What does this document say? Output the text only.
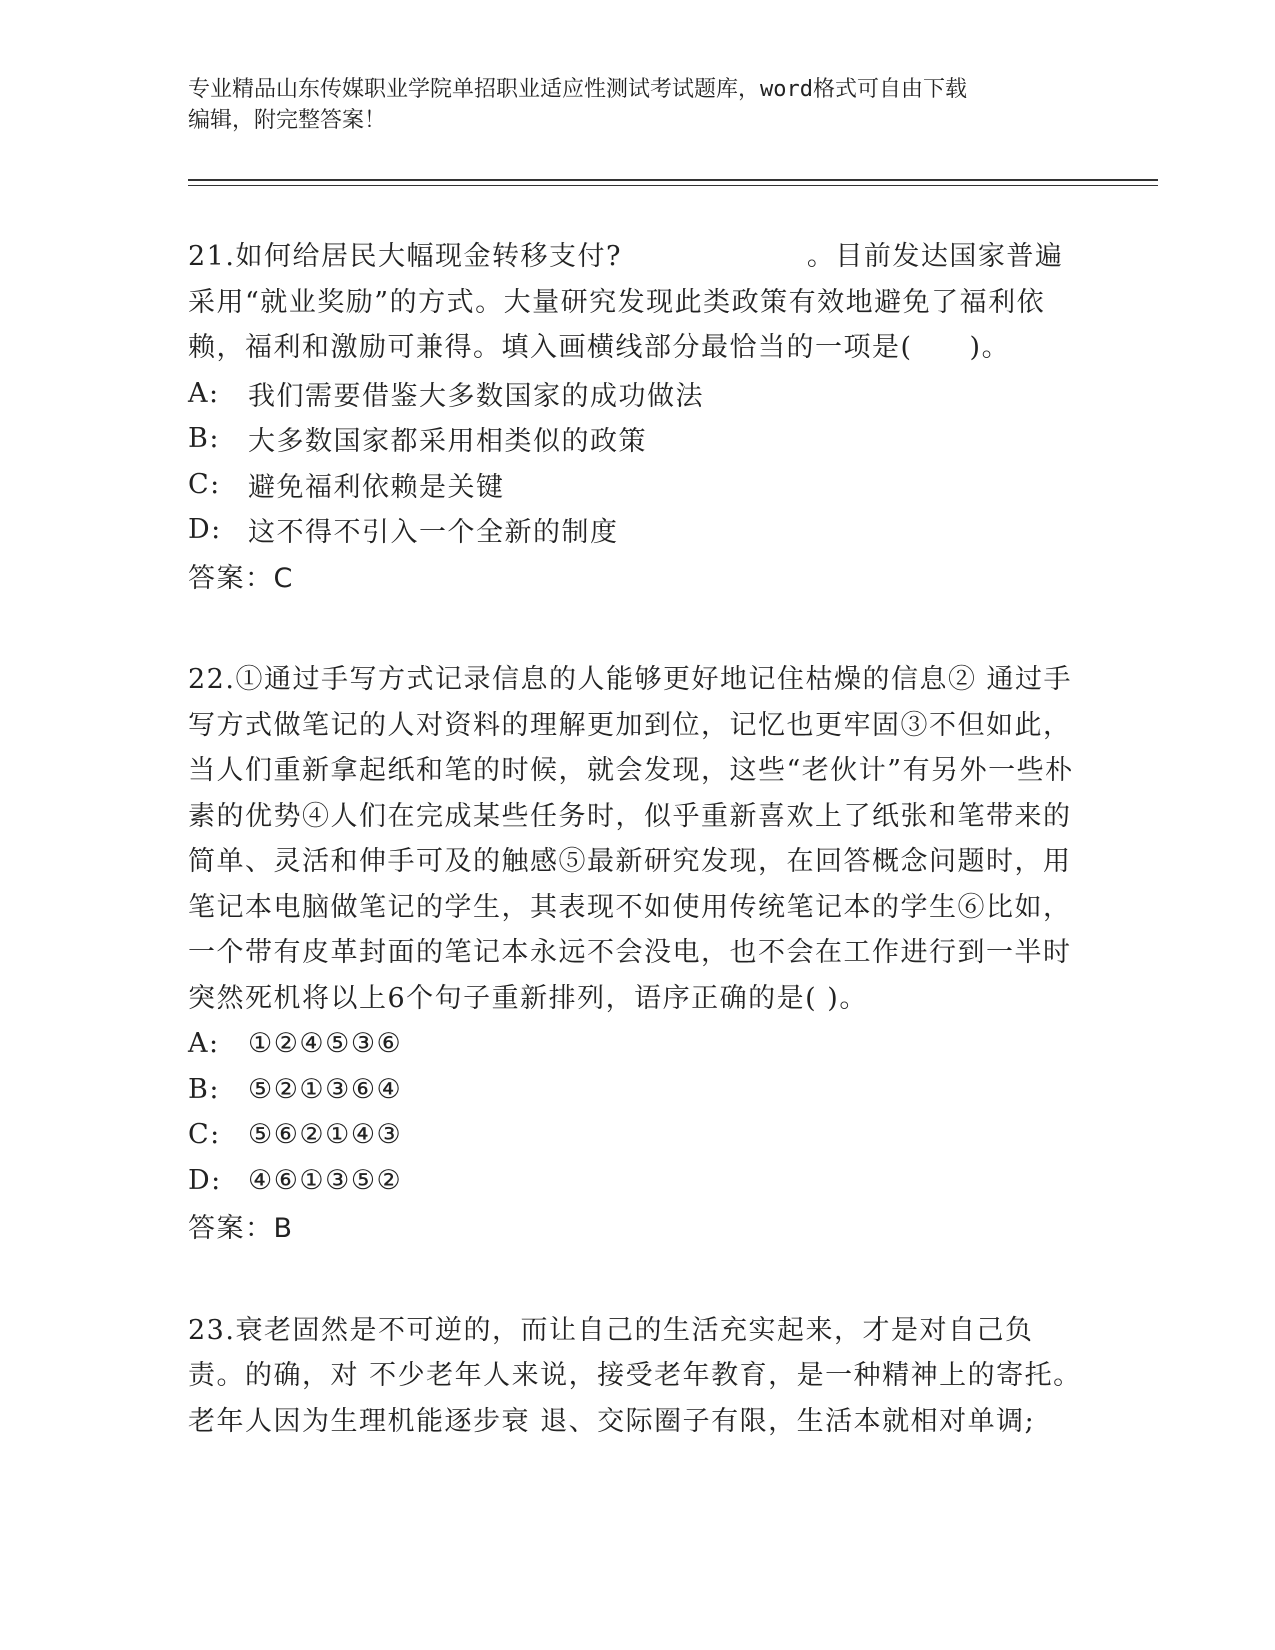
专业精品山东传媒职业学院单招职业适应性测试考试题库，word格式可自由下载
编辑，附完整答案！

21.如何给居民大幅现金转移支付?	。目前发达国家普遍采用“就业奖励”的方式。大量研究发现此类政策有效地避免了福利依赖，福利和激励可兼得。填入画横线部分最恰当的一项是(　　)。

A:	我们需要借鉴大多数国家的成功做法
B:	大多数国家都采用相类似的政策
C:	避免福利依赖是关键
D: 这不得不引入一个全新的制度
答案：C

22.①通过手写方式记录信息的人能够更好地记住枯燥的信息② 通过手写方式做笔记的人对资料的理解更加到位，记忆也更牢固③不但如此，当人们重新拿起纸和笔的时候，就会发现，这些“老伙计”有另外一些朴素的优势④人们在完成某些任务时，似乎重新喜欢上了纸张和笔带来的简单、灵活和伸手可及的触感⑤最新研究发现，在回答概念问题时，用笔记本电脑做笔记的学生，其表现不如使用传统笔记本的学生⑥比如， 一个带有皮革封面的笔记本永远不会没电，也不会在工作进行到一半时突然死机将以上6个句子重新排列，语序正确的是( )。

A:	①②④⑤③⑥
B:	⑤②①③⑥④
C:	⑤⑥②①④③
D: ④⑥①③⑤②
答案：B

23.衰老固然是不可逆的，而让自己的生活充实起来，才是对自己负责。的确，对 不少老年人来说，接受老年教育，是一种精神上的寄托。老年人因为生理机能逐步衰 退、交际圈子有限，生活本就相对单调;
